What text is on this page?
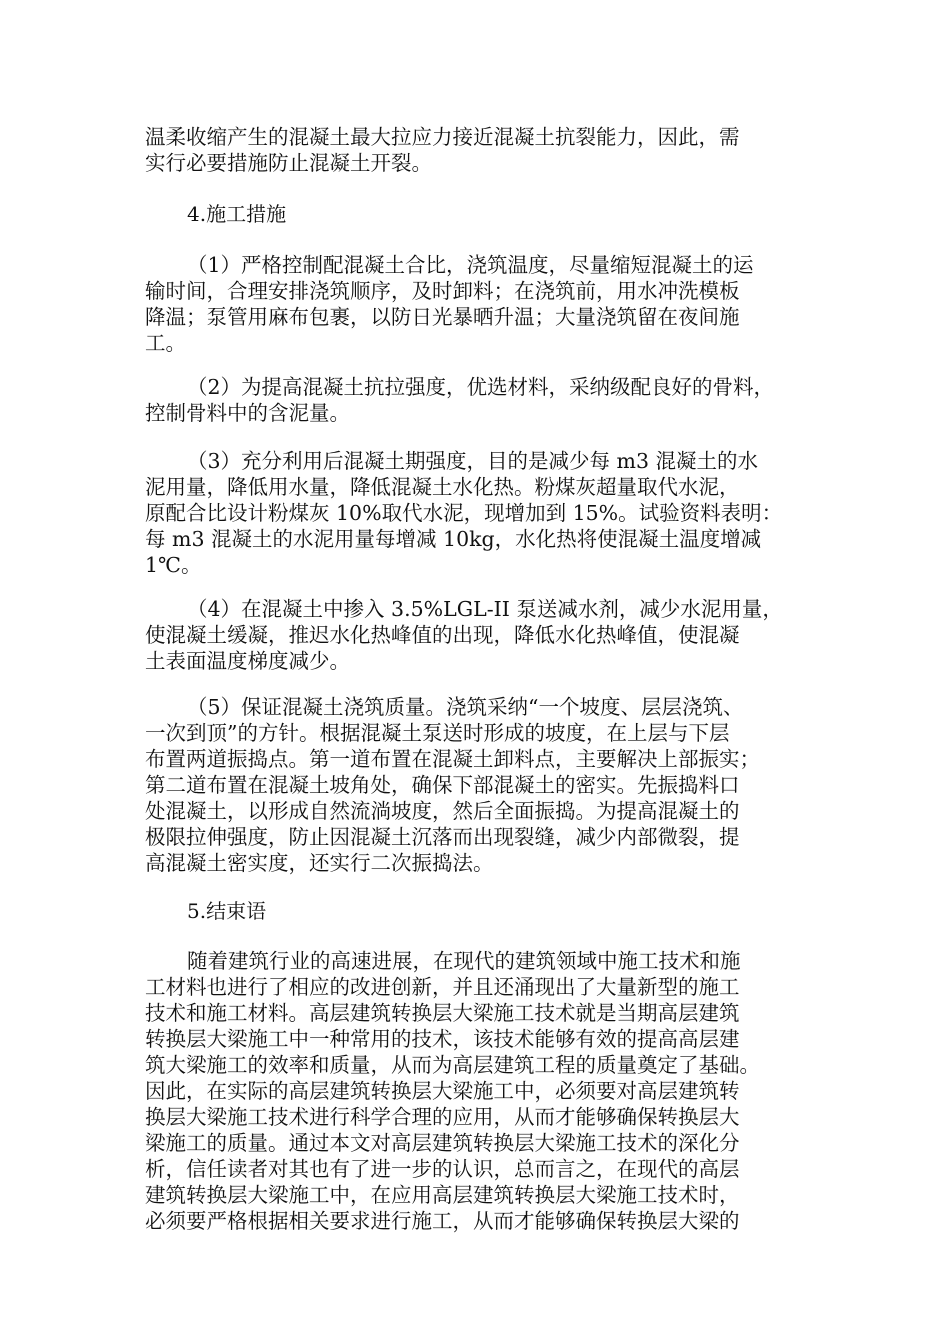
温柔收缩产生的混凝土最大拉应力接近混凝土抗裂能力，因此，需
实行必要措施防止混凝土开裂。
4.施工措施
（1）严格控制配混凝土合比，浇筑温度，尽量缩短混凝土的运
输时间，合理安排浇筑顺序，及时卸料；在浇筑前，用水冲洗模板
降温；泵管用麻布包裹，以防日光暴晒升温；大量浇筑留在夜间施
工。
（2）为提高混凝土抗拉强度，优选材料，采纳级配良好的骨料，
控制骨料中的含泥量。
（3）充分利用后混凝土期强度，目的是减少每 m3 混凝土的水
泥用量，降低用水量，降低混凝土水化热。粉煤灰超量取代水泥，
原配合比设计粉煤灰 10%取代水泥，现增加到 15%。试验资料表明：
每 m3 混凝土的水泥用量每增减 10kg，水化热将使混凝土温度增减
1℃。
（4）在混凝土中掺入 3.5%LGL-II 泵送减水剂，减少水泥用量，
使混凝土缓凝，推迟水化热峰值的出现，降低水化热峰值，使混凝
土表面温度梯度减少。
（5）保证混凝土浇筑质量。浇筑采纳“一个坡度、层层浇筑、
一次到顶”的方针。根据混凝土泵送时形成的坡度，在上层与下层
布置两道振捣点。第一道布置在混凝土卸料点，主要解决上部振实；
第二道布置在混凝土坡角处，确保下部混凝土的密实。先振捣料口
处混凝土，以形成自然流淌坡度，然后全面振捣。为提高混凝土的
极限拉伸强度，防止因混凝土沉落而出现裂缝，减少内部微裂，提
高混凝土密实度，还实行二次振捣法。
5.结束语
随着建筑行业的高速进展，在现代的建筑领域中施工技术和施
工材料也进行了相应的改进创新，并且还涌现出了大量新型的施工
技术和施工材料。高层建筑转换层大梁施工技术就是当期高层建筑
转换层大梁施工中一种常用的技术，该技术能够有效的提高高层建
筑大梁施工的效率和质量，从而为高层建筑工程的质量奠定了基础。
因此，在实际的高层建筑转换层大梁施工中，必须要对高层建筑转
换层大梁施工技术进行科学合理的应用，从而才能够确保转换层大
梁施工的质量。通过本文对高层建筑转换层大梁施工技术的深化分
析，信任读者对其也有了进一步的认识，总而言之，在现代的高层
建筑转换层大梁施工中，在应用高层建筑转换层大梁施工技术时，
必须要严格根据相关要求进行施工，从而才能够确保转换层大梁的
